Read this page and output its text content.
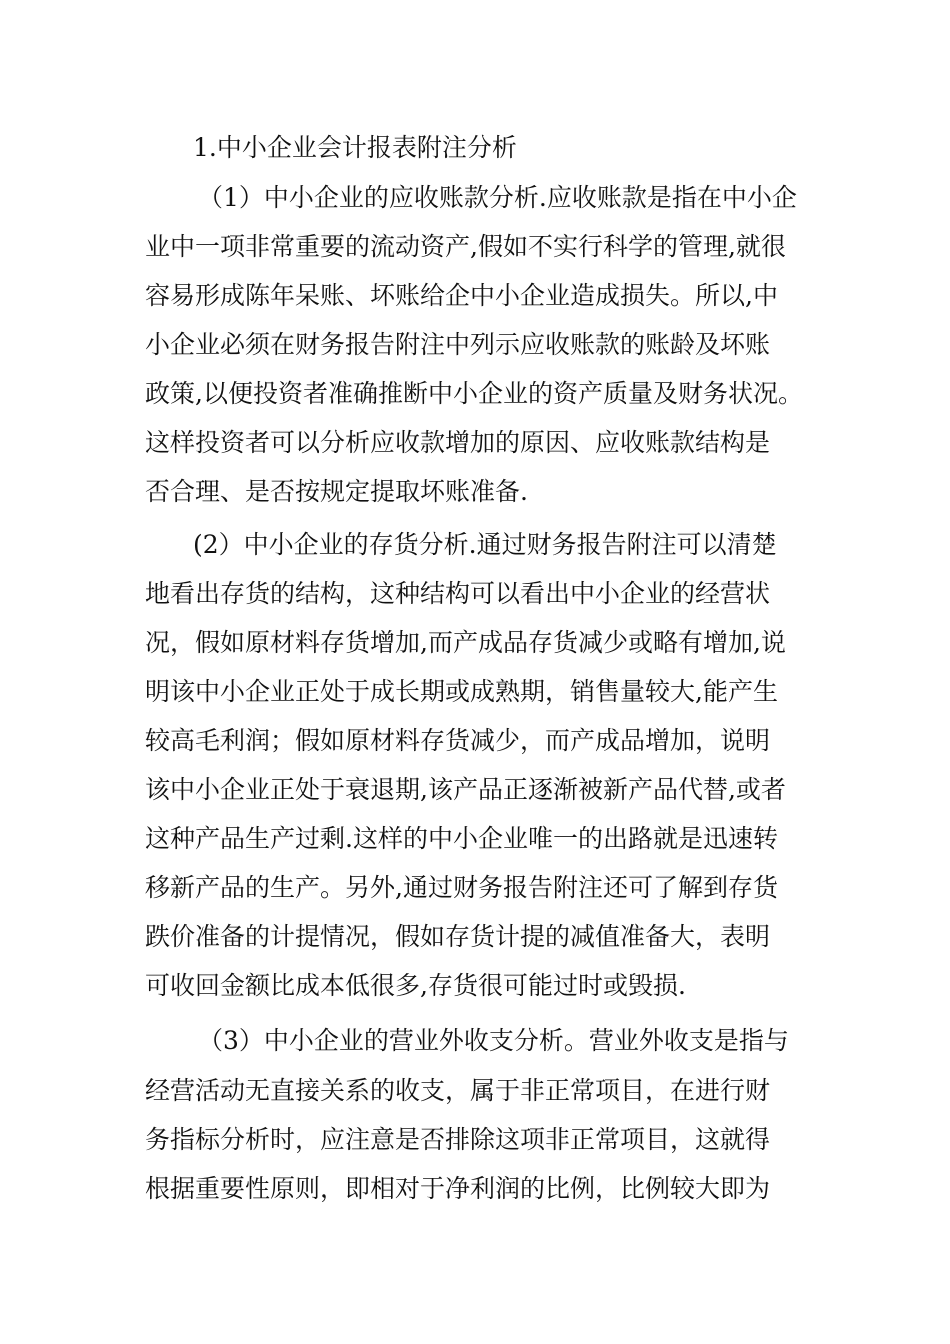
1.中小企业会计报表附注分析
（1）中小企业的应收账款分析.应收账款是指在中小企
业中一项非常重要的流动资产,假如不实行科学的管理,就很
容易形成陈年呆账、坏账给企中小企业造成损失。所以,中
小企业必须在财务报告附注中列示应收账款的账龄及坏账
政策,以便投资者准确推断中小企业的资产质量及财务状况。
这样投资者可以分析应收款增加的原因、应收账款结构是
否合理、是否按规定提取坏账准备.
(2）中小企业的存货分析.通过财务报告附注可以清楚
地看出存货的结构，这种结构可以看出中小企业的经营状
况，假如原材料存货增加,而产成品存货减少或略有增加,说
明该中小企业正处于成长期或成熟期，销售量较大,能产生
较高毛利润；假如原材料存货减少，而产成品增加，说明
该中小企业正处于衰退期,该产品正逐渐被新产品代替,或者
这种产品生产过剩.这样的中小企业唯一的出路就是迅速转
移新产品的生产。另外,通过财务报告附注还可了解到存货
跌价准备的计提情况，假如存货计提的减值准备大，表明
可收回金额比成本低很多,存货很可能过时或毁损.
（3）中小企业的营业外收支分析。营业外收支是指与
经营活动无直接关系的收支，属于非正常项目，在进行财
务指标分析时，应注意是否排除这项非正常项目，这就得
根据重要性原则，即相对于净利润的比例，比例较大即为
